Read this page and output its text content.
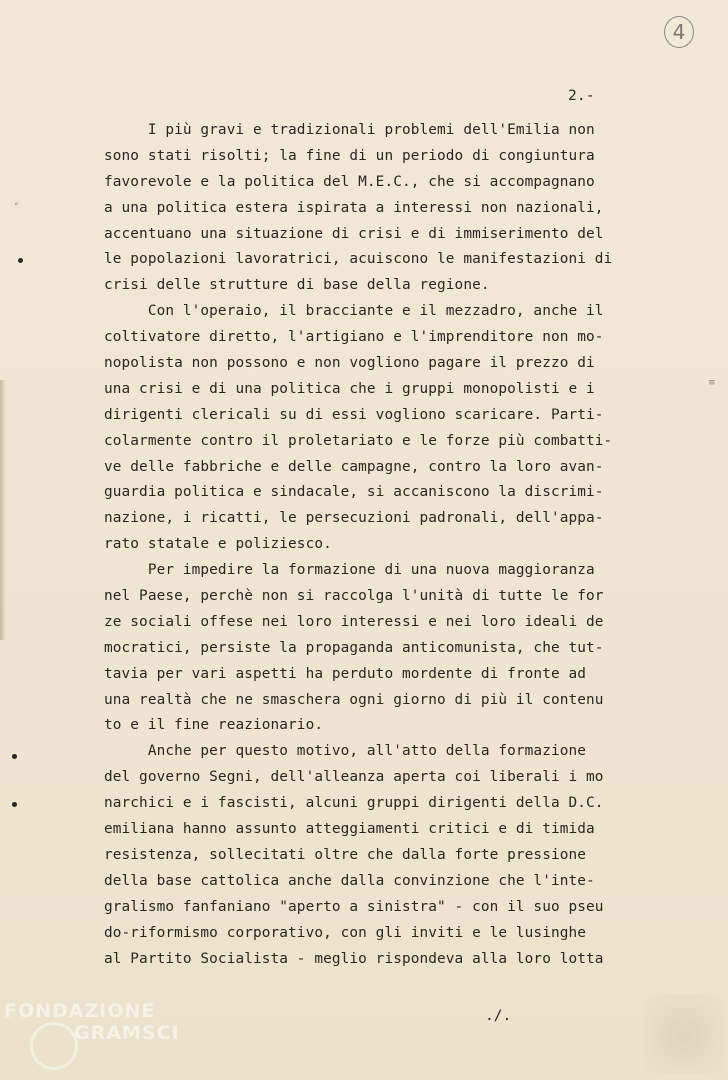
4
2.-
°
≡
I più gravi e tradizionali problemi dell'Emilia non
sono stati risolti; la fine di un periodo di congiuntura
favorevole e la politica del M.E.C., che si accompagnano
a una politica estera ispirata a interessi non nazionali,
accentuano una situazione di crisi e di immiserimento del
le popolazioni lavoratrici, acuiscono le manifestazioni di
crisi delle strutture di base della regione.
Con l'operaio, il bracciante e il mezzadro, anche il
coltivatore diretto, l'artigiano e l'imprenditore non mo-
nopolista non possono e non vogliono pagare il prezzo di
una crisi e di una politica che i gruppi monopolisti e i
dirigenti clericali su di essi vogliono scaricare. Parti-
colarmente contro il proletariato e le forze più combatti-
ve delle fabbriche e delle campagne, contro la loro avan-
guardia politica e sindacale, si accaniscono la discrimi-
nazione, i ricatti, le persecuzioni padronali, dell'appa-
rato statale e poliziesco.
Per impedire la formazione di una nuova maggioranza
nel Paese, perchè non si raccolga l'unità di tutte le for
ze sociali offese nei loro interessi e nei loro ideali de
mocratici, persiste la propaganda anticomunista, che tut-
tavia per vari aspetti ha perduto mordente di fronte ad
una realtà che ne smaschera ogni giorno di più il contenu
to e il fine reazionario.
Anche per questo motivo, all'atto della formazione
del governo Segni, dell'alleanza aperta coi liberali i mo
narchici e i fascisti, alcuni gruppi dirigenti della D.C.
emiliana hanno assunto atteggiamenti critici e di timida
resistenza, sollecitati oltre che dalla forte pressione
della base cattolica anche dalla convinzione che l'inte-
gralismo fanfaniano "aperto a sinistra" - con il suo pseu
do-riformismo corporativo, con gli inviti e le lusinghe
al Partito Socialista - meglio rispondeva alla loro lotta
./.
FONDAZIONE
GRAMSCI
